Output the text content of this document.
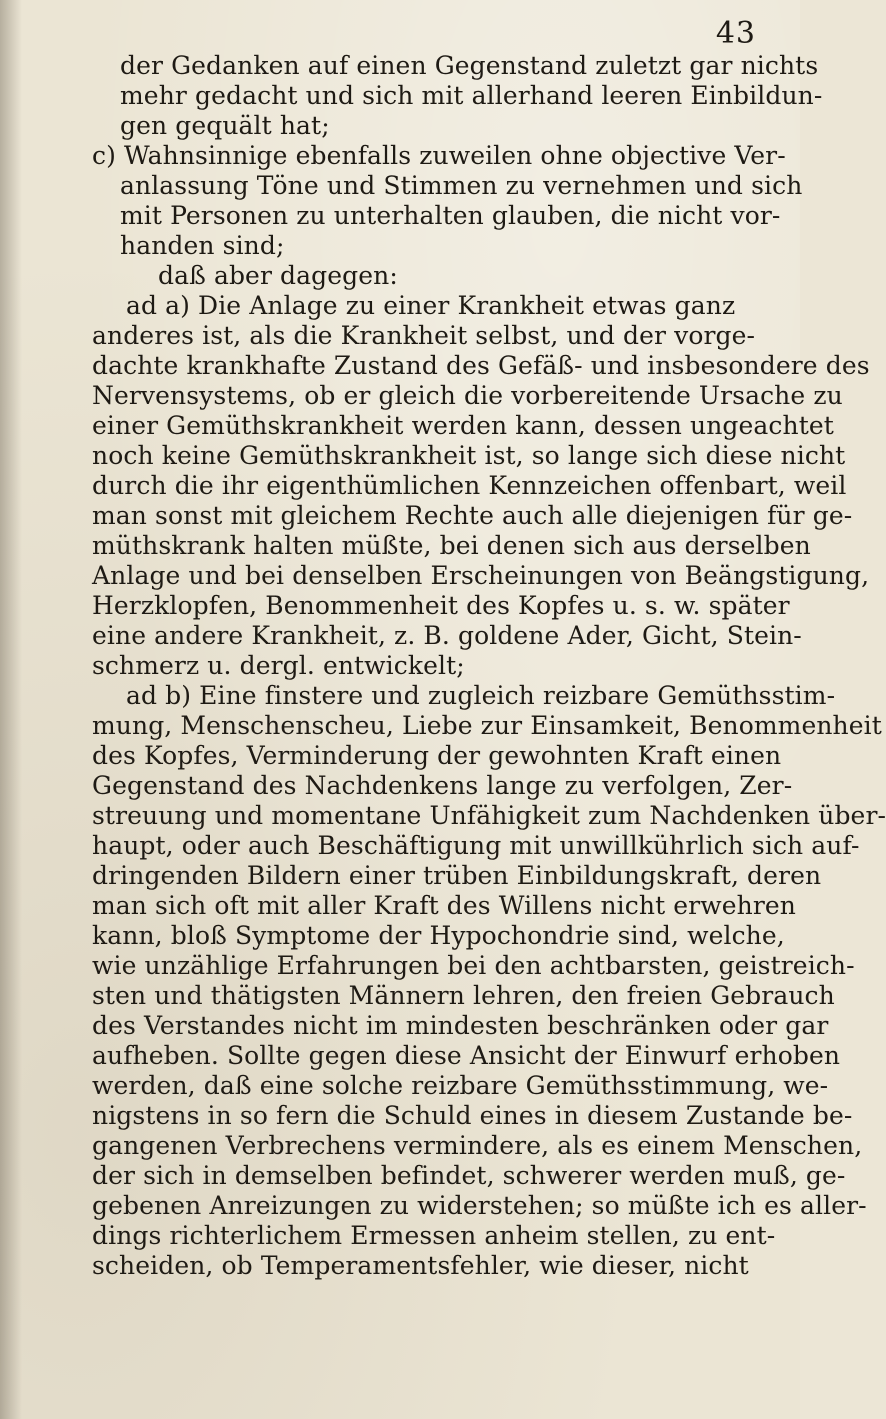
43
der Gedanken auf einen Gegenstand zuletzt gar nichts
mehr gedacht und sich mit allerhand leeren Einbildun-
gen gequält hat;
c) Wahnsinnige ebenfalls zuweilen ohne objective Ver-
anlassung Töne und Stimmen zu vernehmen und sich
mit Personen zu unterhalten glauben, die nicht vor-
handen sind;
daß aber dagegen:
ad a) Die Anlage zu einer Krankheit etwas ganz
anderes ist, als die Krankheit selbst, und der vorge-
dachte krankhafte Zustand des Gefäß- und insbesondere des
Nervensystems, ob er gleich die vorbereitende Ursache zu
einer Gemüthskrankheit werden kann, dessen ungeachtet
noch keine Gemüthskrankheit ist, so lange sich diese nicht
durch die ihr eigenthümlichen Kennzeichen offenbart, weil
man sonst mit gleichem Rechte auch alle diejenigen für ge-
müthskrank halten müßte, bei denen sich aus derselben
Anlage und bei denselben Erscheinungen von Beängstigung,
Herzklopfen, Benommenheit des Kopfes u. s. w. später
eine andere Krankheit, z. B. goldene Ader, Gicht, Stein-
schmerz u. dergl. entwickelt;
ad b) Eine finstere und zugleich reizbare Gemüthsstim-
mung, Menschenscheu, Liebe zur Einsamkeit, Benommenheit
des Kopfes, Verminderung der gewohnten Kraft einen
Gegenstand des Nachdenkens lange zu verfolgen, Zer-
streuung und momentane Unfähigkeit zum Nachdenken über-
haupt, oder auch Beschäftigung mit unwillkührlich sich auf-
dringenden Bildern einer trüben Einbildungskraft, deren
man sich oft mit aller Kraft des Willens nicht erwehren
kann, bloß Symptome der Hypochondrie sind, welche,
wie unzählige Erfahrungen bei den achtbarsten, geistreich-
sten und thätigsten Männern lehren, den freien Gebrauch
des Verstandes nicht im mindesten beschränken oder gar
aufheben. Sollte gegen diese Ansicht der Einwurf erhoben
werden, daß eine solche reizbare Gemüthsstimmung, we-
nigstens in so fern die Schuld eines in diesem Zustande be-
gangenen Verbrechens vermindere, als es einem Menschen,
der sich in demselben befindet, schwerer werden muß, ge-
gebenen Anreizungen zu widerstehen; so müßte ich es aller-
dings richterlichem Ermessen anheim stellen, zu ent-
scheiden, ob Temperamentsfehler, wie dieser, nicht
